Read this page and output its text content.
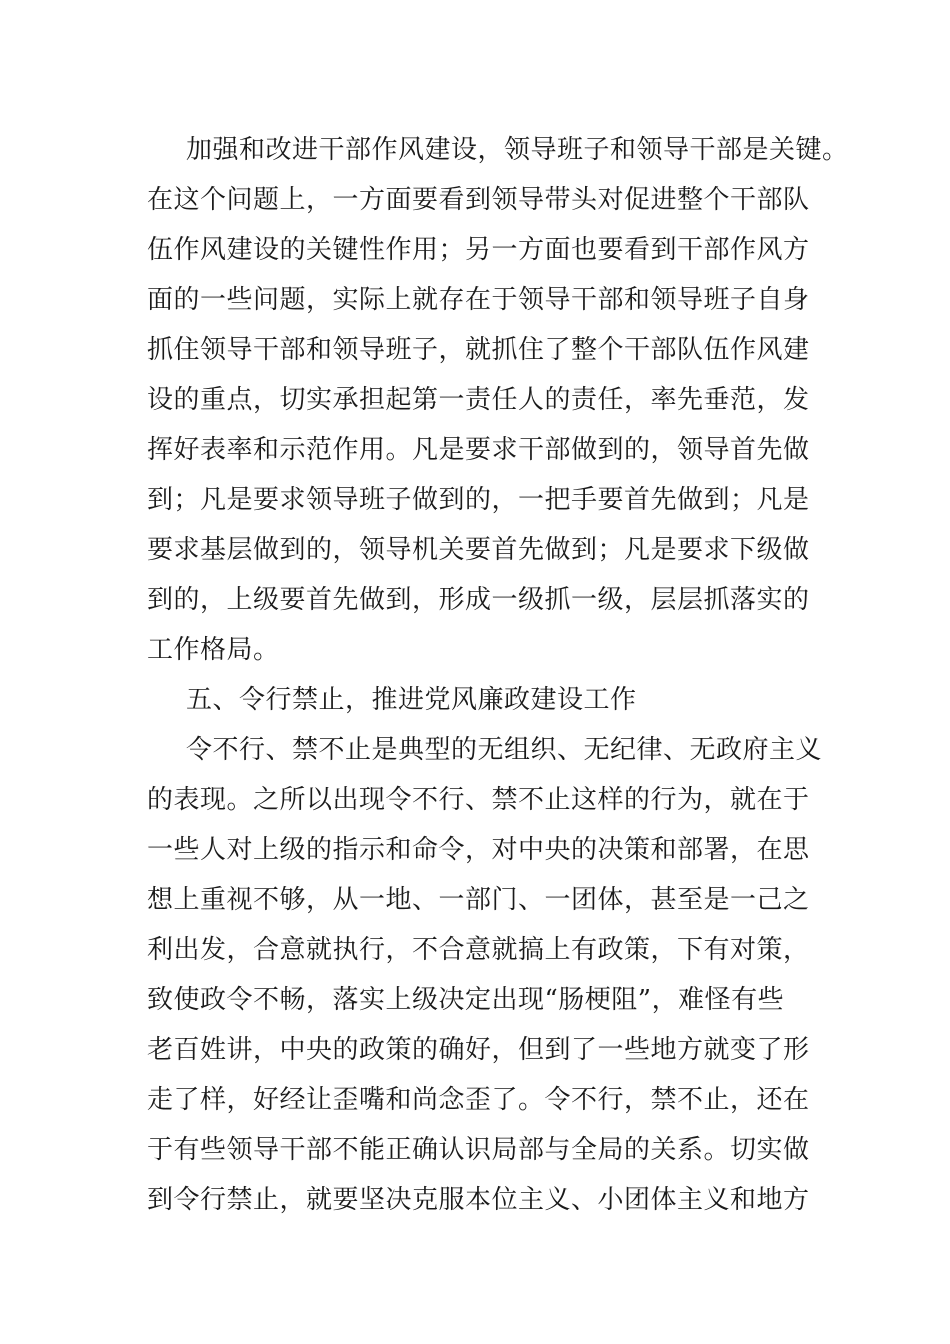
加强和改进干部作风建设，领导班子和领导干部是关键。
在这个问题上，一方面要看到领导带头对促进整个干部队
伍作风建设的关键性作用；另一方面也要看到干部作风方
面的一些问题，实际上就存在于领导干部和领导班子自身
抓住领导干部和领导班子，就抓住了整个干部队伍作风建
设的重点，切实承担起第一责任人的责任，率先垂范，发
挥好表率和示范作用。凡是要求干部做到的，领导首先做
到；凡是要求领导班子做到的，一把手要首先做到；凡是
要求基层做到的，领导机关要首先做到；凡是要求下级做
到的，上级要首先做到，形成一级抓一级，层层抓落实的
工作格局。
五、令行禁止，推进党风廉政建设工作
令不行、禁不止是典型的无组织、无纪律、无政府主义
的表现。之所以出现令不行、禁不止这样的行为，就在于
一些人对上级的指示和命令，对中央的决策和部署，在思
想上重视不够，从一地、一部门、一团体，甚至是一己之
利出发，合意就执行，不合意就搞上有政策，下有对策，
致使政令不畅，落实上级决定出现“肠梗阻”，难怪有些
老百姓讲，中央的政策的确好，但到了一些地方就变了形
走了样，好经让歪嘴和尚念歪了。令不行，禁不止，还在
于有些领导干部不能正确认识局部与全局的关系。切实做
到令行禁止，就要坚决克服本位主义、小团体主义和地方
